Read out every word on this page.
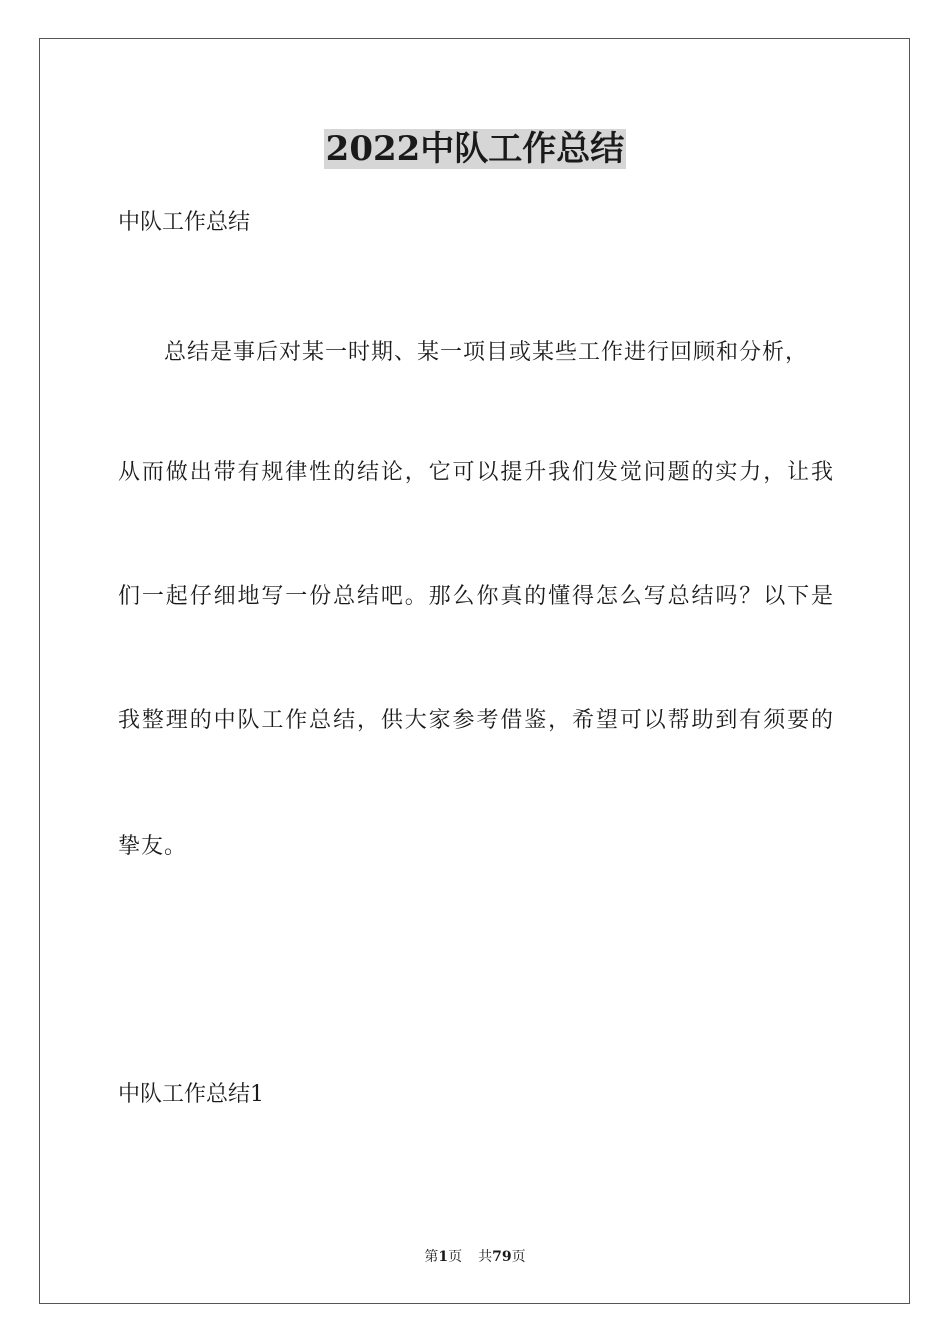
2022中队工作总结

中队工作总结

总结是事后对某一时期、某一项目或某些工作进行回顾和分析，

从而做出带有规律性的结论，它可以提升我们发觉问题的实力，让我

们一起仔细地写一份总结吧。那么你真的懂得怎么写总结吗？以下是

我整理的中队工作总结，供大家参考借鉴，希望可以帮助到有须要的

挚友。

中队工作总结1

第1页 共79页
